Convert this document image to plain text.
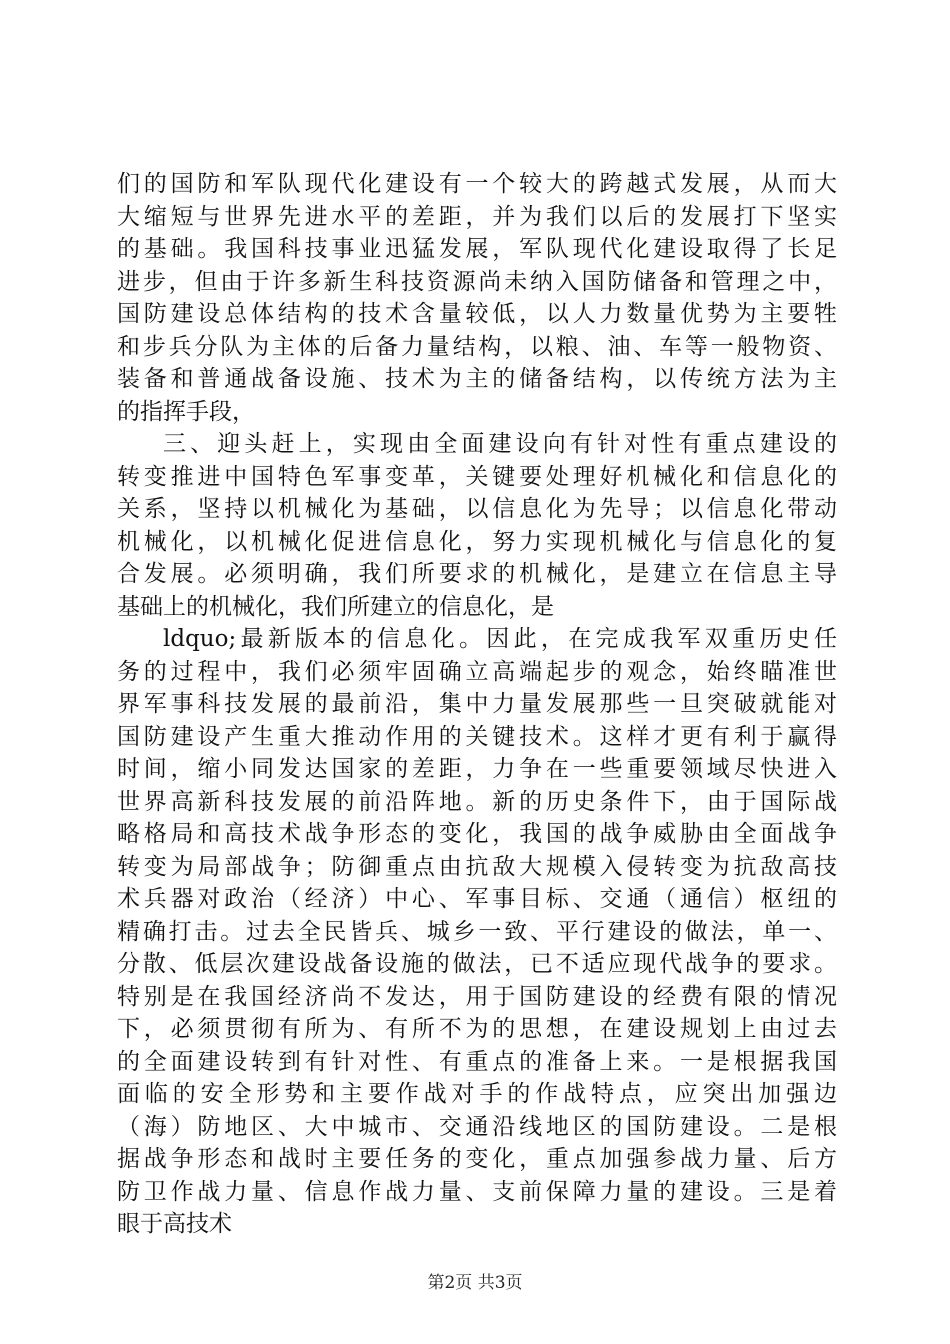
们的国防和军队现代化建设有一个较大的跨越式发展，从而大
大缩短与世界先进水平的差距，并为我们以后的发展打下坚实
的基础。我国科技事业迅猛发展，军队现代化建设取得了长足
进步，但由于许多新生科技资源尚未纳入国防储备和管理之中，
国防建设总体结构的技术含量较低，以人力数量优势为主要牲
和步兵分队为主体的后备力量结构，以粮、油、车等一般物资、
装备和普通战备设施、技术为主的储备结构，以传统方法为主
的指挥手段，
三、迎头赶上，实现由全面建设向有针对性有重点建设的
转变推进中国特色军事变革，关键要处理好机械化和信息化的
关系，坚持以机械化为基础，以信息化为先导；以信息化带动
机械化，以机械化促进信息化，努力实现机械化与信息化的复
合发展。必须明确，我们所要求的机械化，是建立在信息主导
基础上的机械化，我们所建立的信息化，是
ldquo;最新版本的信息化。因此，在完成我军双重历史任
务的过程中，我们必须牢固确立高端起步的观念，始终瞄准世
界军事科技发展的最前沿，集中力量发展那些一旦突破就能对
国防建设产生重大推动作用的关键技术。这样才更有利于赢得
时间，缩小同发达国家的差距，力争在一些重要领域尽快进入
世界高新科技发展的前沿阵地。新的历史条件下，由于国际战
略格局和高技术战争形态的变化，我国的战争威胁由全面战争
转变为局部战争；防御重点由抗敌大规模入侵转变为抗敌高技
术兵器对政治（经济）中心、军事目标、交通（通信）枢纽的
精确打击。过去全民皆兵、城乡一致、平行建设的做法，单一、
分散、低层次建设战备设施的做法，已不适应现代战争的要求。
特别是在我国经济尚不发达，用于国防建设的经费有限的情况
下，必须贯彻有所为、有所不为的思想，在建设规划上由过去
的全面建设转到有针对性、有重点的准备上来。一是根据我国
面临的安全形势和主要作战对手的作战特点，应突出加强边
（海）防地区、大中城市、交通沿线地区的国防建设。二是根
据战争形态和战时主要任务的变化，重点加强参战力量、后方
防卫作战力量、信息作战力量、支前保障力量的建设。三是着
眼于高技术
第2页 共3页
